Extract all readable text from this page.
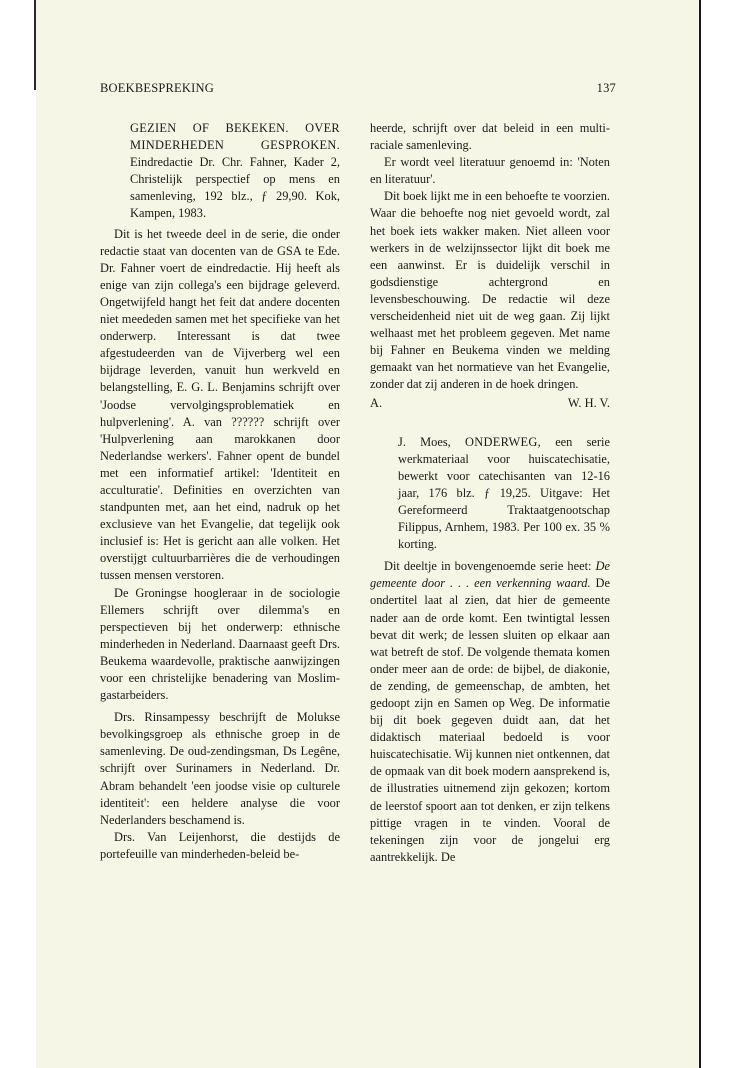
BOEKBESPREKING	137
GEZIEN OF BEKEKEN. OVER MINDERHEDEN GESPROKEN. Eindredactie Dr. Chr. Fahner, Kader 2, Christelijk perspectief op mens en samenleving, 192 blz., ƒ 29,90. Kok, Kampen, 1983.

Dit is het tweede deel in de serie, die onder redactie staat van docenten van de GSA te Ede. Dr. Fahner voert de eindredactie. Hij heeft als enige van zijn collega's een bijdrage geleverd. Ongetwijfeld hangt het feit dat andere docenten niet meededen samen met het specifieke van het onderwerp. Interessant is dat twee afgestudeerden van de Vijverberg wel een bijdrage leverden, vanuit hun werkveld en belangstelling, E. G. L. Benjamins schrijft over 'Joodse vervolgingsproblematiek en hulpverlening'. A. van ?????? schrijft over 'Hulpverlening aan marokkanen door Nederlandse werkers'. Fahner opent de bundel met een informatief artikel: 'Identiteit en acculturatie'. Definities en overzichten van standpunten met, aan het eind, nadruk op het exclusieve van het Evangelie, dat tegelijk ook inclusief is: Het is gericht aan alle volken. Het overstijgt cultuurbarrières die de verhoudingen tussen mensen verstoren.

De Groningse hoogleraar in de sociologie Ellemers schrijft over dilemma's en perspectieven bij het onderwerp: ethnische minderheden in Nederland. Daarnaast geeft Drs. Beukema waardevolle, praktische aanwijzingen voor een christelijke benadering van Moslim-gastarbeiders.

Drs. Rinsampessy beschrijft de Molukse bevolkingsgroep als ethnische groep in de samenleving. De oud-zendingsman, Ds Legêne, schrijft over Surinamers in Nederland. Dr. Abram behandelt 'een joodse visie op culturele identiteit': een heldere analyse die voor Nederlanders beschamend is.

Drs. Van Leijenhorst, die destijds de portefeuille van minderheden-beleid be-

heerde, schrijft over dat beleid in een multi-raciale samenleving.

Er wordt veel literatuur genoemd in: 'Noten en literatuur'.

Dit boek lijkt me in een behoefte te voorzien. Waar die behoefte nog niet gevoeld wordt, zal het boek iets wakker maken. Niet alleen voor werkers in de welzijnssector lijkt dit boek me een aanwinst. Er is duidelijk verschil in godsdienstige achtergrond en levensbeschouwing. De redactie wil deze verscheidenheid niet uit de weg gaan. Zij lijkt welhaast met het probleem gegeven. Met name bij Fahner en Beukema vinden we melding gemaakt van het normatieve van het Evangelie, zonder dat zij anderen in de hoek dringen.

A.	W. H. V.
J. Moes, ONDERWEG, een serie werkmateriaal voor huiscatechisatie, bewerkt voor catechisanten van 12-16 jaar, 176 blz. ƒ 19,25. Uitgave: Het Gereformeerd Traktaatgenootschap Filippus, Arnhem, 1983. Per 100 ex. 35 % korting.

Dit deeltje in bovengenoemde serie heet: De gemeente door . . . een verkenning waard. De ondertitel laat al zien, dat hier de gemeente nader aan de orde komt. Een twintigtal lessen bevat dit werk; de lessen sluiten op elkaar aan wat betreft de stof. De volgende themata komen onder meer aan de orde: de bijbel, de diakonie, de zending, de gemeenschap, de ambten, het gedoopt zijn en Samen op Weg. De informatie bij dit boek gegeven duidt aan, dat het didaktisch materiaal bedoeld is voor huiscatechisatie. Wij kunnen niet ontkennen, dat de opmaak van dit boek modern aansprekend is, de illustraties uitnemend zijn gekozen; kortom de leerstof spoort aan tot denken, er zijn telkens pittige vragen in te vinden. Vooral de tekeningen zijn voor de jongelui erg aantrekkelijk. De
